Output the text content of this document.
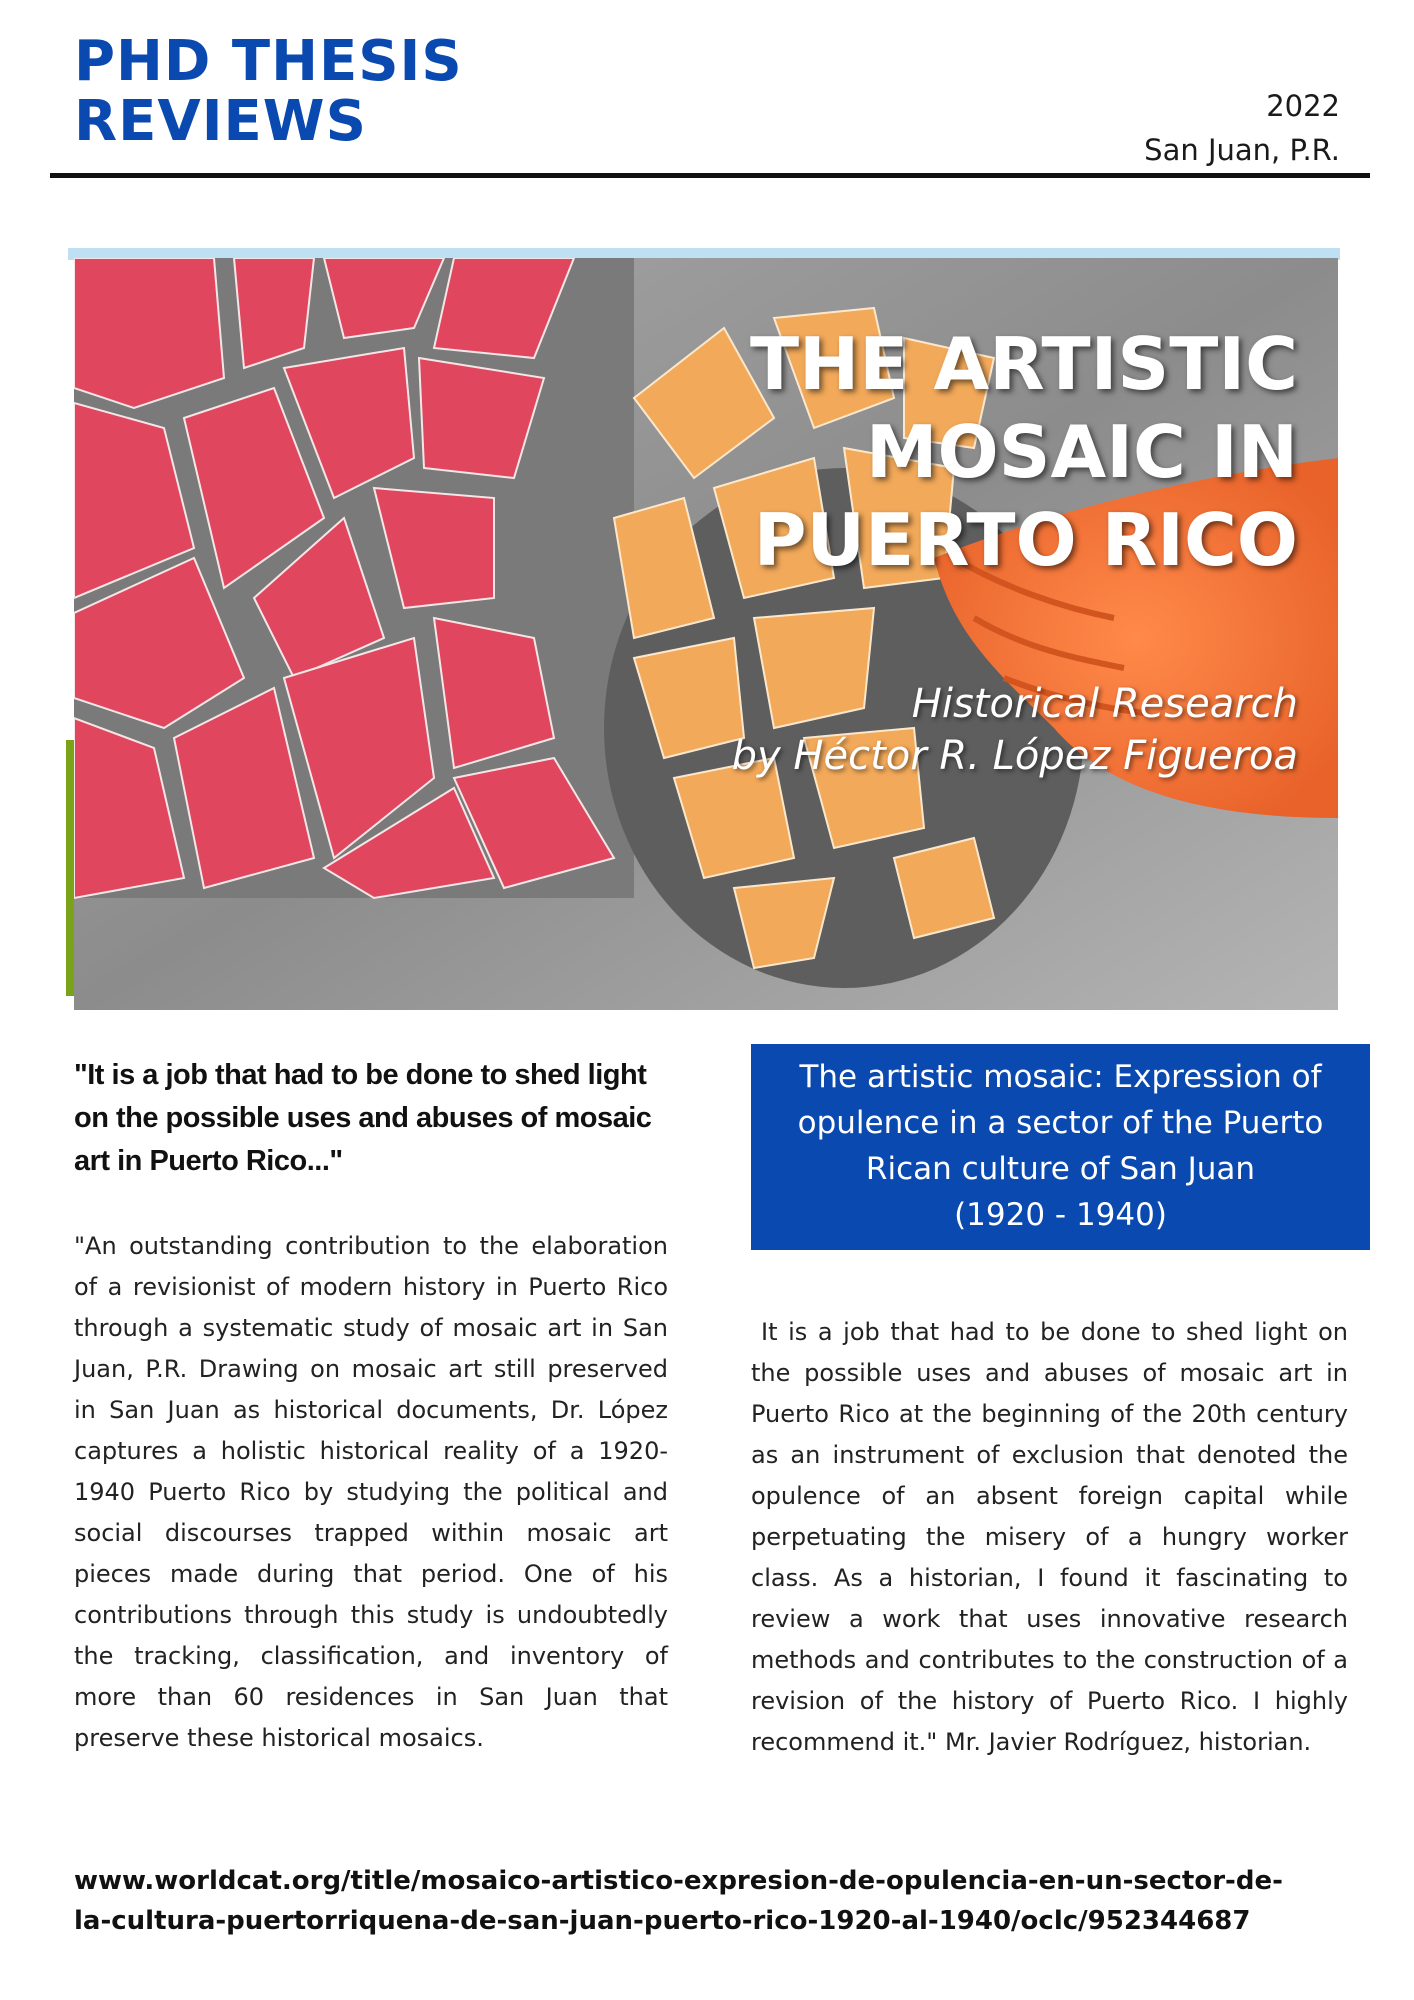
PHD THESIS
REVIEWS	2022
San Juan, P.R.
THE ARTISTIC
MOSAIC IN
PUERTO RICO
Historical Research
by Héctor R. López Figueroa

"It is a job that had to be done to shed light on the possible uses and abuses of mosaic art in Puerto Rico..."

"An outstanding contribution to the elaboration of a revisionist of modern history in Puerto Rico through a systematic study of mosaic art in San Juan, P.R. Drawing on mosaic art still preserved in San Juan as historical documents, Dr. López captures a holistic historical reality of a 1920-1940 Puerto Rico by studying the political and social discourses trapped within mosaic art pieces made during that period. One of his contributions through this study is undoubtedly the tracking, classification, and inventory of more than 60 residences in San Juan that preserve these historical mosaics.

The artistic mosaic: Expression of
opulence in a sector of the Puerto
Rican culture of San Juan
(1920 - 1940)

It is a job that had to be done to shed light on the possible uses and abuses of mosaic art in Puerto Rico at the beginning of the 20th century as an instrument of exclusion that denoted the opulence of an absent foreign capital while perpetuating the misery of a hungry worker class. As a historian, I found it fascinating to review a work that uses innovative research methods and contributes to the construction of a revision of the history of Puerto Rico. I highly recommend it." Mr. Javier Rodríguez, historian.

www.worldcat.org/title/mosaico-artistico-expresion-de-opulencia-en-un-sector-de-
la-cultura-puertorriquena-de-san-juan-puerto-rico-1920-al-1940/oclc/952344687
